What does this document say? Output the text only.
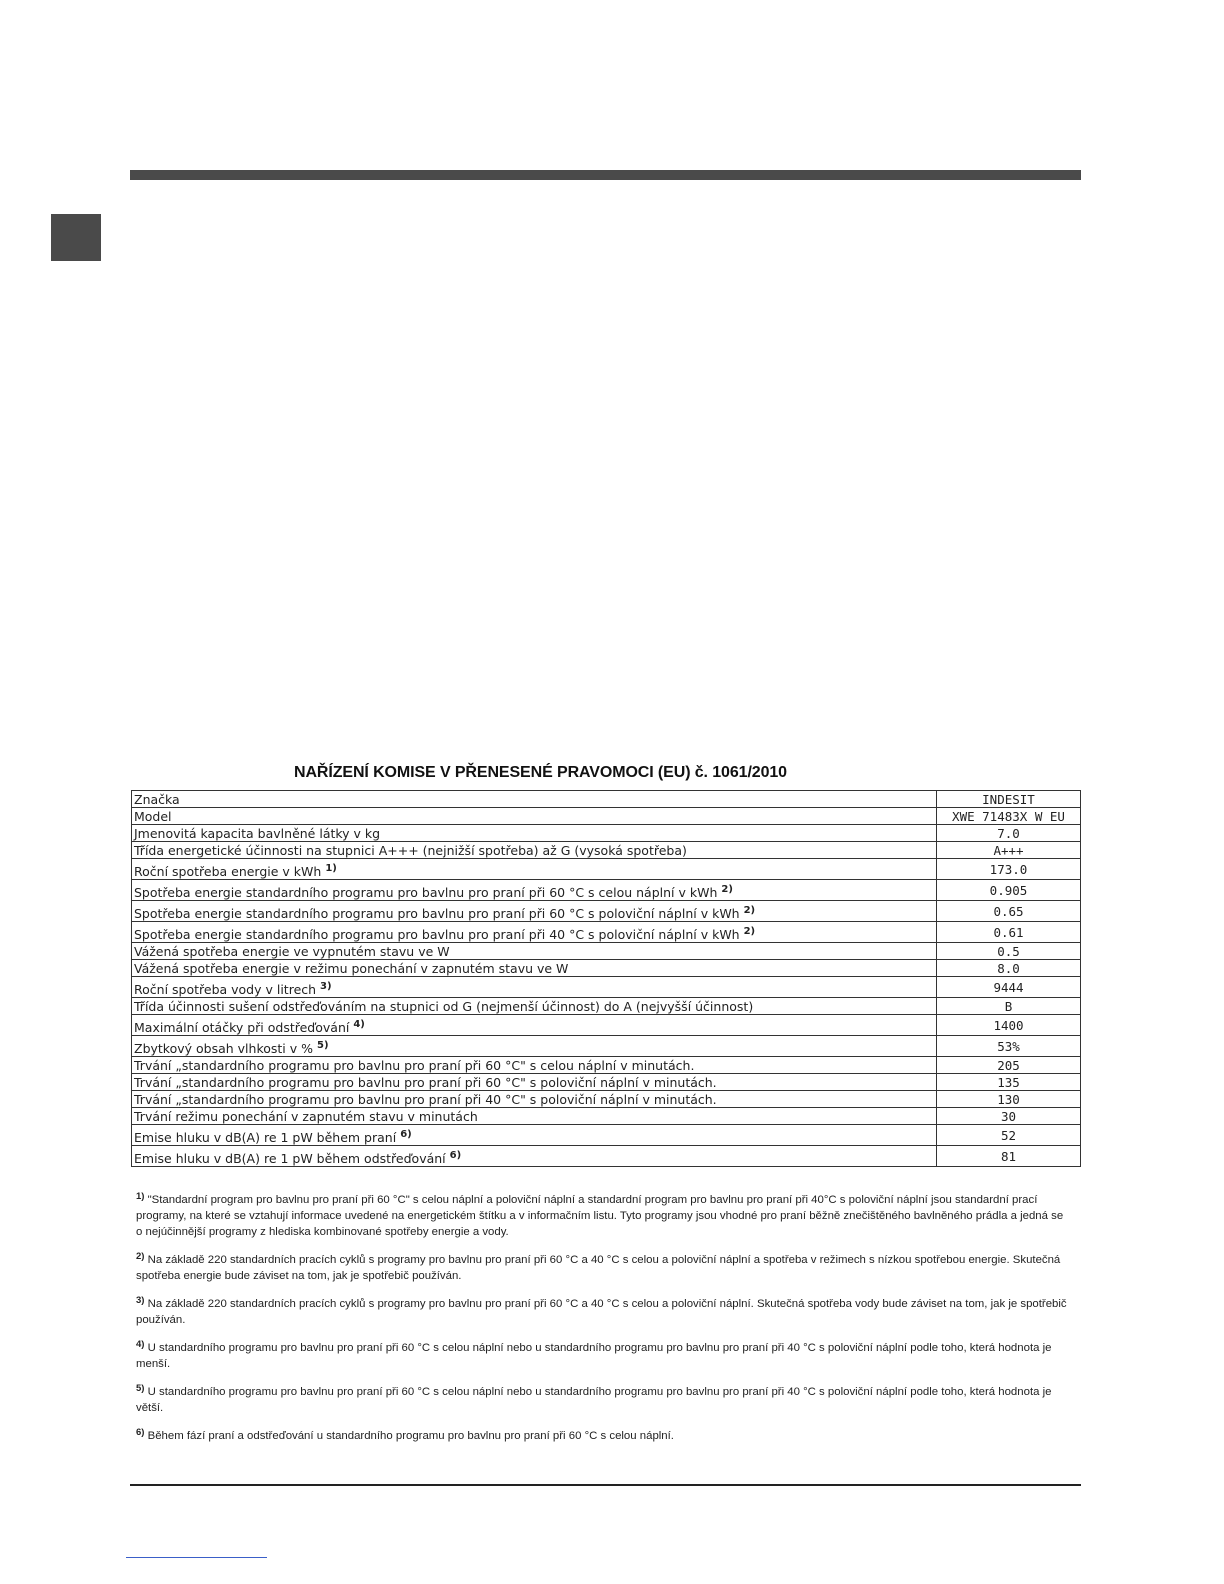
NAŘÍZENÍ KOMISE V PŘENESENÉ PRAVOMOCI (EU) č. 1061/2010
Značka	INDESIT
Model	XWE 71483X W EU
Jmenovitá kapacita bavlněné látky v kg	7.0
Třída energetické účinnosti na stupnici A+++ (nejnižší spotřeba) až G (vysoká spotřeba)	A+++
Roční spotřeba energie v kWh $^{1)}$	173.0
Spotřeba energie standardního programu pro bavlnu pro praní při 60 °C s celou náplní v kWh $^{2)}$	0.905
Spotřeba energie standardního programu pro bavlnu pro praní při 60 °C s poloviční náplní v kWh $^{2)}$	0.65
Spotřeba energie standardního programu pro bavlnu pro praní při 40 °C s poloviční náplní v kWh $^{2)}$	0.61
Vážená spotřeba energie ve vypnutém stavu ve W	0.5
Vážená spotřeba energie v režimu ponechání v zapnutém stavu ve W	8.0
Roční spotřeba vody v litrech $^{3)}$	9444
Třída účinnosti sušení odstřeďováním na stupnici od G (nejmenší účinnost) do A (nejvyšší účinnost)	B
Maximální otáčky při odstřeďování $^{4)}$	1400
Zbytkový obsah vlhkosti v % $^{5)}$	53%
Trvání „standardního programu pro bavlnu pro praní při 60 °C" s celou náplní v minutách.	205
Trvání „standardního programu pro bavlnu pro praní při 60 °C" s poloviční náplní v minutách.	135
Trvání „standardního programu pro bavlnu pro praní při 40 °C" s poloviční náplní v minutách.	130
Trvání režimu ponechání v zapnutém stavu v minutách	30
Emise hluku v dB(A) re 1 pW během praní $^{6)}$	52
Emise hluku v dB(A) re 1 pW během odstřeďování $^{6)}$	81
$^{1)}$ "Standardní program pro bavlnu pro praní při 60 °C" s celou náplní a poloviční náplní a standardní program pro bavlnu pro praní při 40°C s poloviční náplní jsou standardní prací programy, na které se vztahují informace uvedené na energetickém štítku a v informačním listu. Tyto programy jsou vhodné pro praní běžně znečištěného bavlněného prádla a jedná se o nejúčinnější programy z hlediska kombinované spotřeby energie a vody.
$^{2)}$ Na základě 220 standardních pracích cyklů s programy pro bavlnu pro praní při 60 °C a 40 °C s celou a poloviční náplní a spotřeba v režimech s nízkou spotřebou energie. Skutečná spotřeba energie bude záviset na tom, jak je spotřebič používán.
$^{3)}$ Na základě 220 standardních pracích cyklů s programy pro bavlnu pro praní při 60 °C a 40 °C s celou a poloviční náplní. Skutečná spotřeba vody bude záviset na tom, jak je spotřebič používán.
$^{4)}$ U standardního programu pro bavlnu pro praní při 60 °C s celou náplní nebo u standardního programu pro bavlnu pro praní při 40 °C s poloviční náplní podle toho, která hodnota je menší.
$^{5)}$ U standardního programu pro bavlnu pro praní při 60 °C s celou náplní nebo u standardního programu pro bavlnu pro praní při 40 °C s poloviční náplní podle toho, která hodnota je větší.
$^{6)}$ Během fází praní a odstřeďování u standardního programu pro bavlnu pro praní při 60 °C s celou náplní.
